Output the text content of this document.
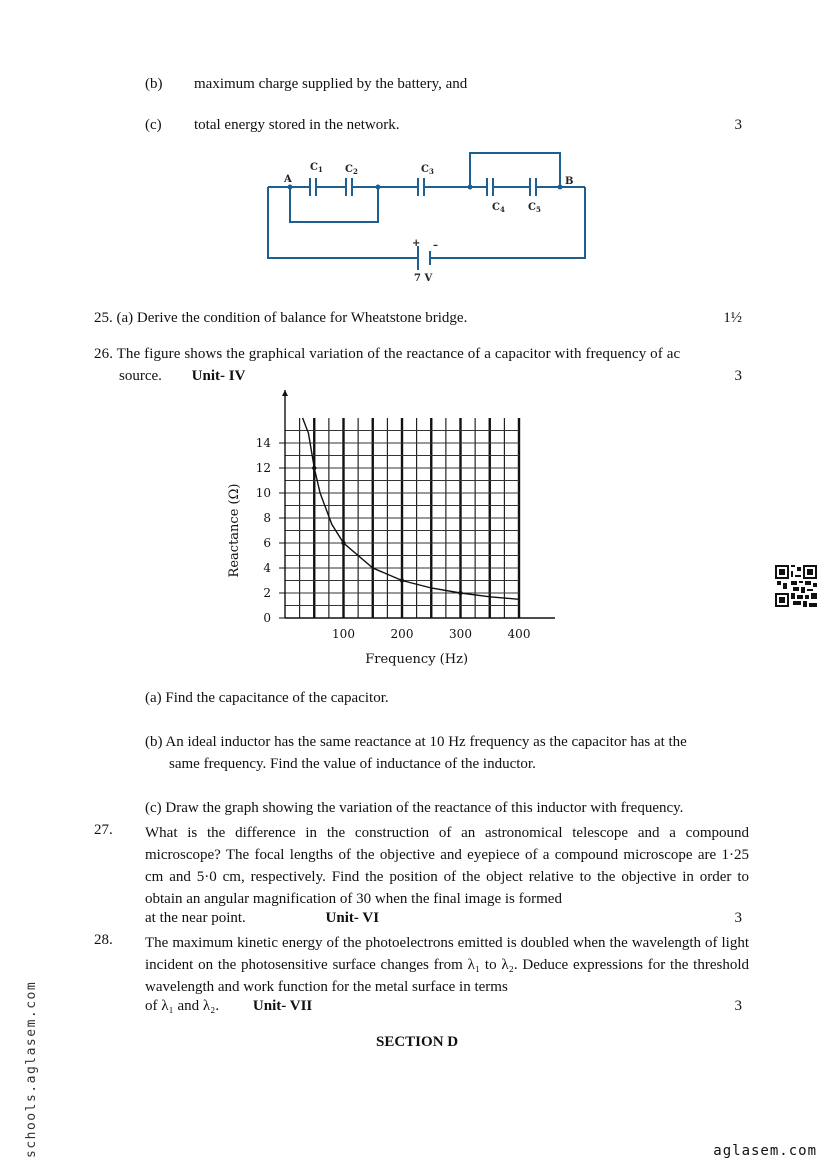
(b) maximum charge supplied by the battery, and
(c) total energy stored in the network.	3
A	B
$C_1$ $C_2$	$C_3$
$C_4$ $C_5$
+ –
7 V
25. (a) Derive the condition of balance for Wheatstone bridge.	1½
26. The figure shows the graphical variation of the reactance of a capacitor with frequency of ac
source. Unit- IV	3
0
2
4
6
8
10
12
14
100	200	300	400
Frequency (Hz)
Reactance (Ω)
(a) Find the capacitance of the capacitor.
(b) An ideal inductor has the same reactance at 10 Hz frequency as the capacitor has at the
same frequency. Find the value of inductance of the inductor.
(c) Draw the graph showing the variation of the reactance of this inductor with frequency.
27. What is the difference in the construction of an astronomical telescope and a compound microscope? The focal lengths of the objective and eyepiece of a compound microscope are 1·25 cm and 5·0 cm, respectively. Find the position of the object relative to the objective in order to obtain an angular magnification of 30 when the final image is formed
at the near point.	Unit- VI	3
28. The maximum kinetic energy of the photoelectrons emitted is doubled when the wavelength of light incident on the photosensitive surface changes from λ₁ to λ₂. Deduce expressions for the threshold wavelength and work function for the metal surface in terms
of λ₁ and λ₂. Unit- VII	3
SECTION D
schools.aglasem.com	aglasem.com
